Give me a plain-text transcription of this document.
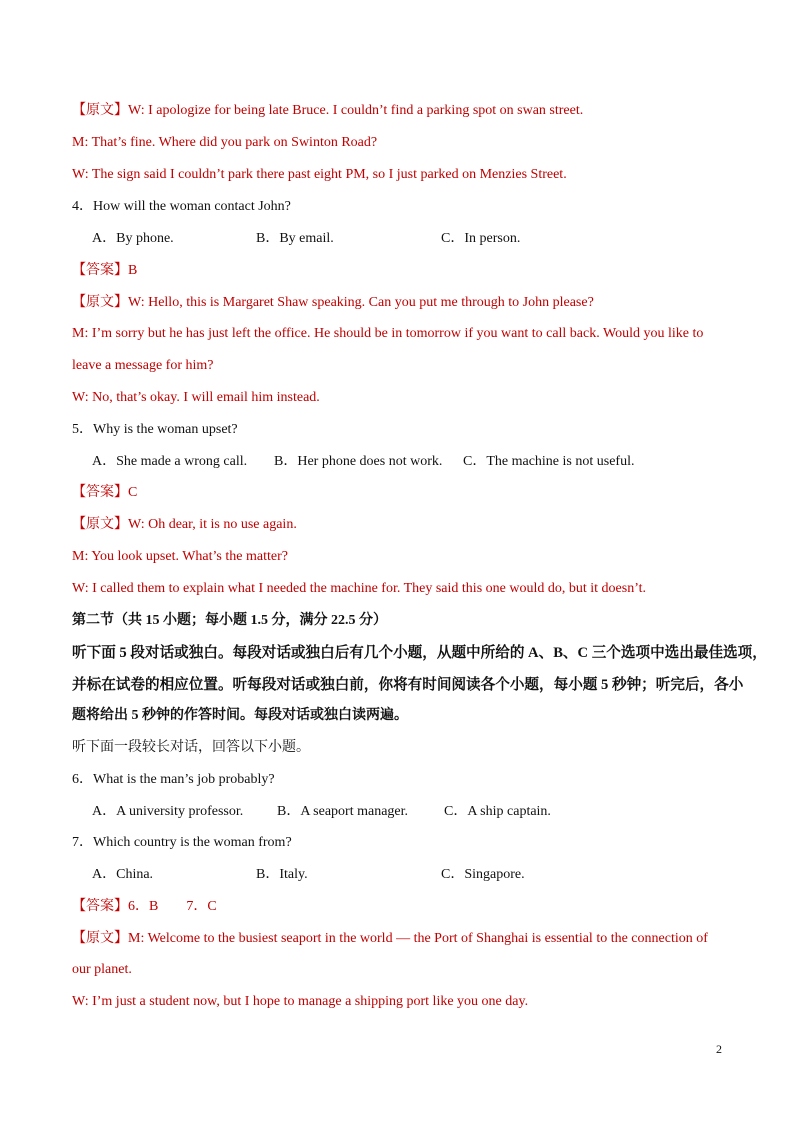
【原文】W: I apologize for being late Bruce. I couldn’t find a parking spot on swan street.
M: That’s fine. Where did you park on Swinton Road?
W: The sign said I couldn’t park there past eight PM, so I just parked on Menzies Street.
4．How will the woman contact John?
A．By phone.	B．By email.	C．In person.
【答案】B
【原文】W: Hello, this is Margaret Shaw speaking. Can you put me through to John please?
M: I’m sorry but he has just left the office. He should be in tomorrow if you want to call back. Would you like to
leave a message for him?
W: No, that’s okay. I will email him instead.
5．Why is the woman upset?
A．She made a wrong call. B．Her phone does not work. C．The machine is not useful.
【答案】C
【原文】W: Oh dear, it is no use again.
M: You look upset. What’s the matter?
W: I called them to explain what I needed the machine for. They said this one would do, but it doesn’t.
第二节（共 15 小题；每小题 1.5 分，满分 22.5 分）
听下面 5 段对话或独白。每段对话或独白后有几个小题，从题中所给的 A、B、C 三个选项中选出最佳选项，
并标在试卷的相应位置。听每段对话或独白前，你将有时间阅读各个小题，每小题 5 秒钟；听完后，各小
题将给出 5 秒钟的作答时间。每段对话或独白读两遍。
听下面一段较长对话，回答以下小题。
6．What is the man’s job probably?
A．A university professor. B．A seaport manager.	C．A ship captain.
7．Which country is the woman from?
A．China.	B．Italy.	C．Singapore.
【答案】6．B　　7．C
【原文】M: Welcome to the busiest seaport in the world — the Port of Shanghai is essential to the connection of
our planet.
W: I’m just a student now, but I hope to manage a shipping port like you one day.
2
